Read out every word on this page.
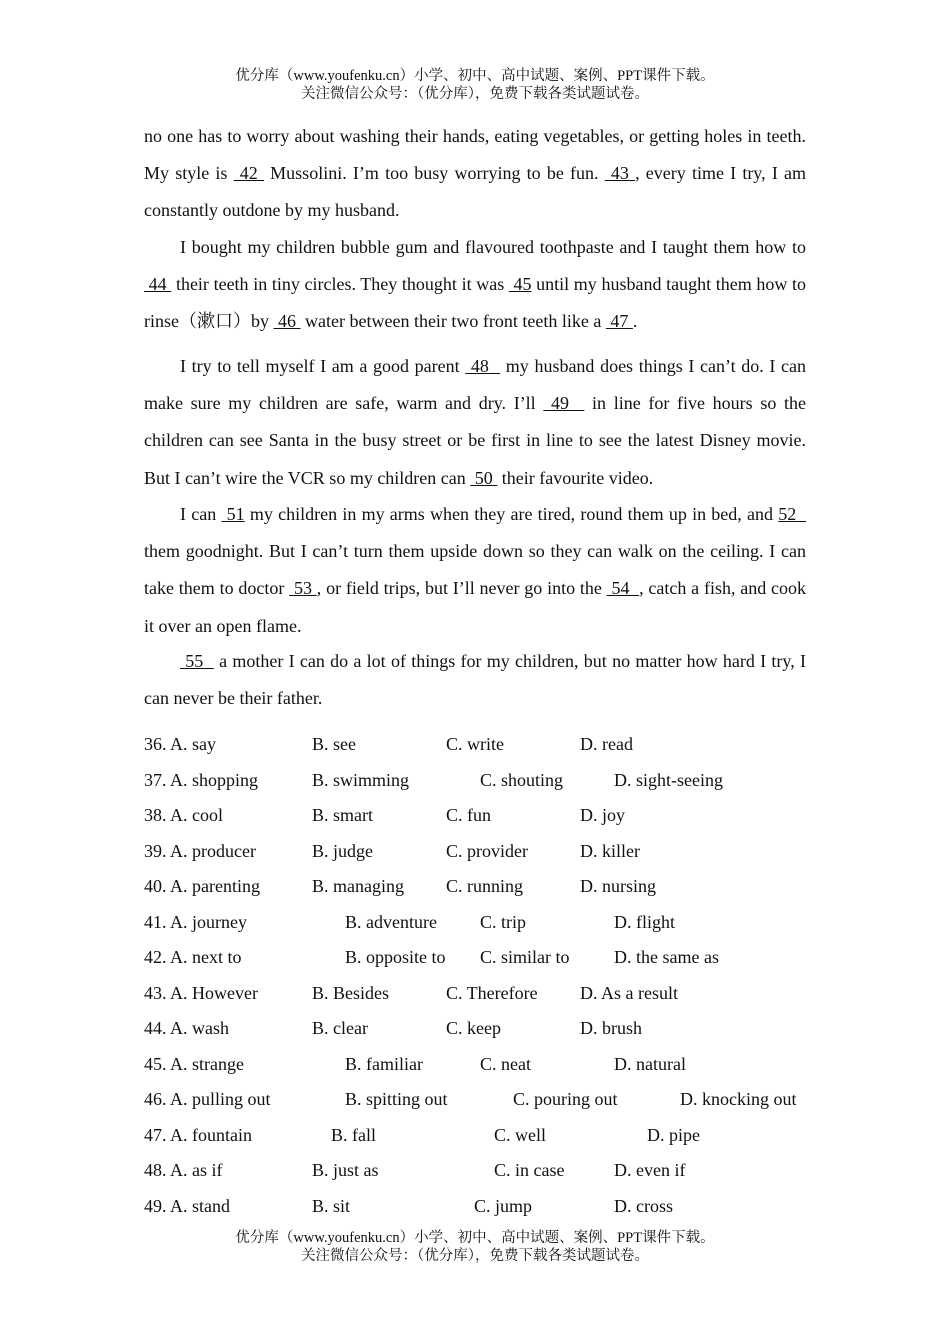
优分库（www.youfenku.cn）小学、初中、高中试题、案例、PPT课件下载。
关注微信公众号：（优分库），免费下载各类试题试卷。
no one has to worry about washing their hands, eating vegetables, or getting holes in teeth. My style is  42  Mussolini. I’m too busy worrying to be fun.  43 , every time I try, I am constantly outdone by my husband.
I bought my children bubble gum and flavoured toothpaste and I taught them how to  44  their teeth in tiny circles. They thought it was  45 until my husband taught them how to rinse（漱口）by  46  water between their two front teeth like a  47 .
I try to tell myself I am a good parent  48   my husband does things I can’t do. I can make sure my children are safe, warm and dry. I’ll  49   in line for five hours so the children can see Santa in the busy street or be first in line to see the latest Disney movie. But I can’t wire the VCR so my children can  50  their favourite video.
I can  51 my children in my arms when they are tired, round them up in bed, and 52   them goodnight. But I can’t turn them upside down so they can walk on the ceiling. I can take them to doctor  53 , or field trips, but I’ll never go into the  54  , catch a fish, and cook it over an open flame.
55   a mother I can do a lot of things for my children, but no matter how hard I try, I can never be their father.
36. A. say	B. see	C. write	D. read
37. A. shopping	B. swimming	C. shouting	D. sight-seeing
38. A. cool	B. smart	C. fun	D. joy
39. A. producer	B. judge	C. provider	D. killer
40. A. parenting	B. managing C. running	D. nursing
41. A. journey	B. adventure C. trip	D. flight
42. A. next to	B. opposite to C. similar to D. the same as
43. A. However	B. Besides	C. Therefore D. As a result
44. A. wash	B. clear	C. keep	D. brush
45. A. strange	B. familiar	C. neat	D. natural
46. A. pulling out	B. spitting out	C. pouring out	D. knocking out
47. A. fountain	B. fall	C. well	D. pipe
48. A. as if	B. just as	C. in case	D. even if
49. A. stand	B. sit	C. jump	D. cross
优分库（www.youfenku.cn）小学、初中、高中试题、案例、PPT课件下载。
关注微信公众号：（优分库），免费下载各类试题试卷。
